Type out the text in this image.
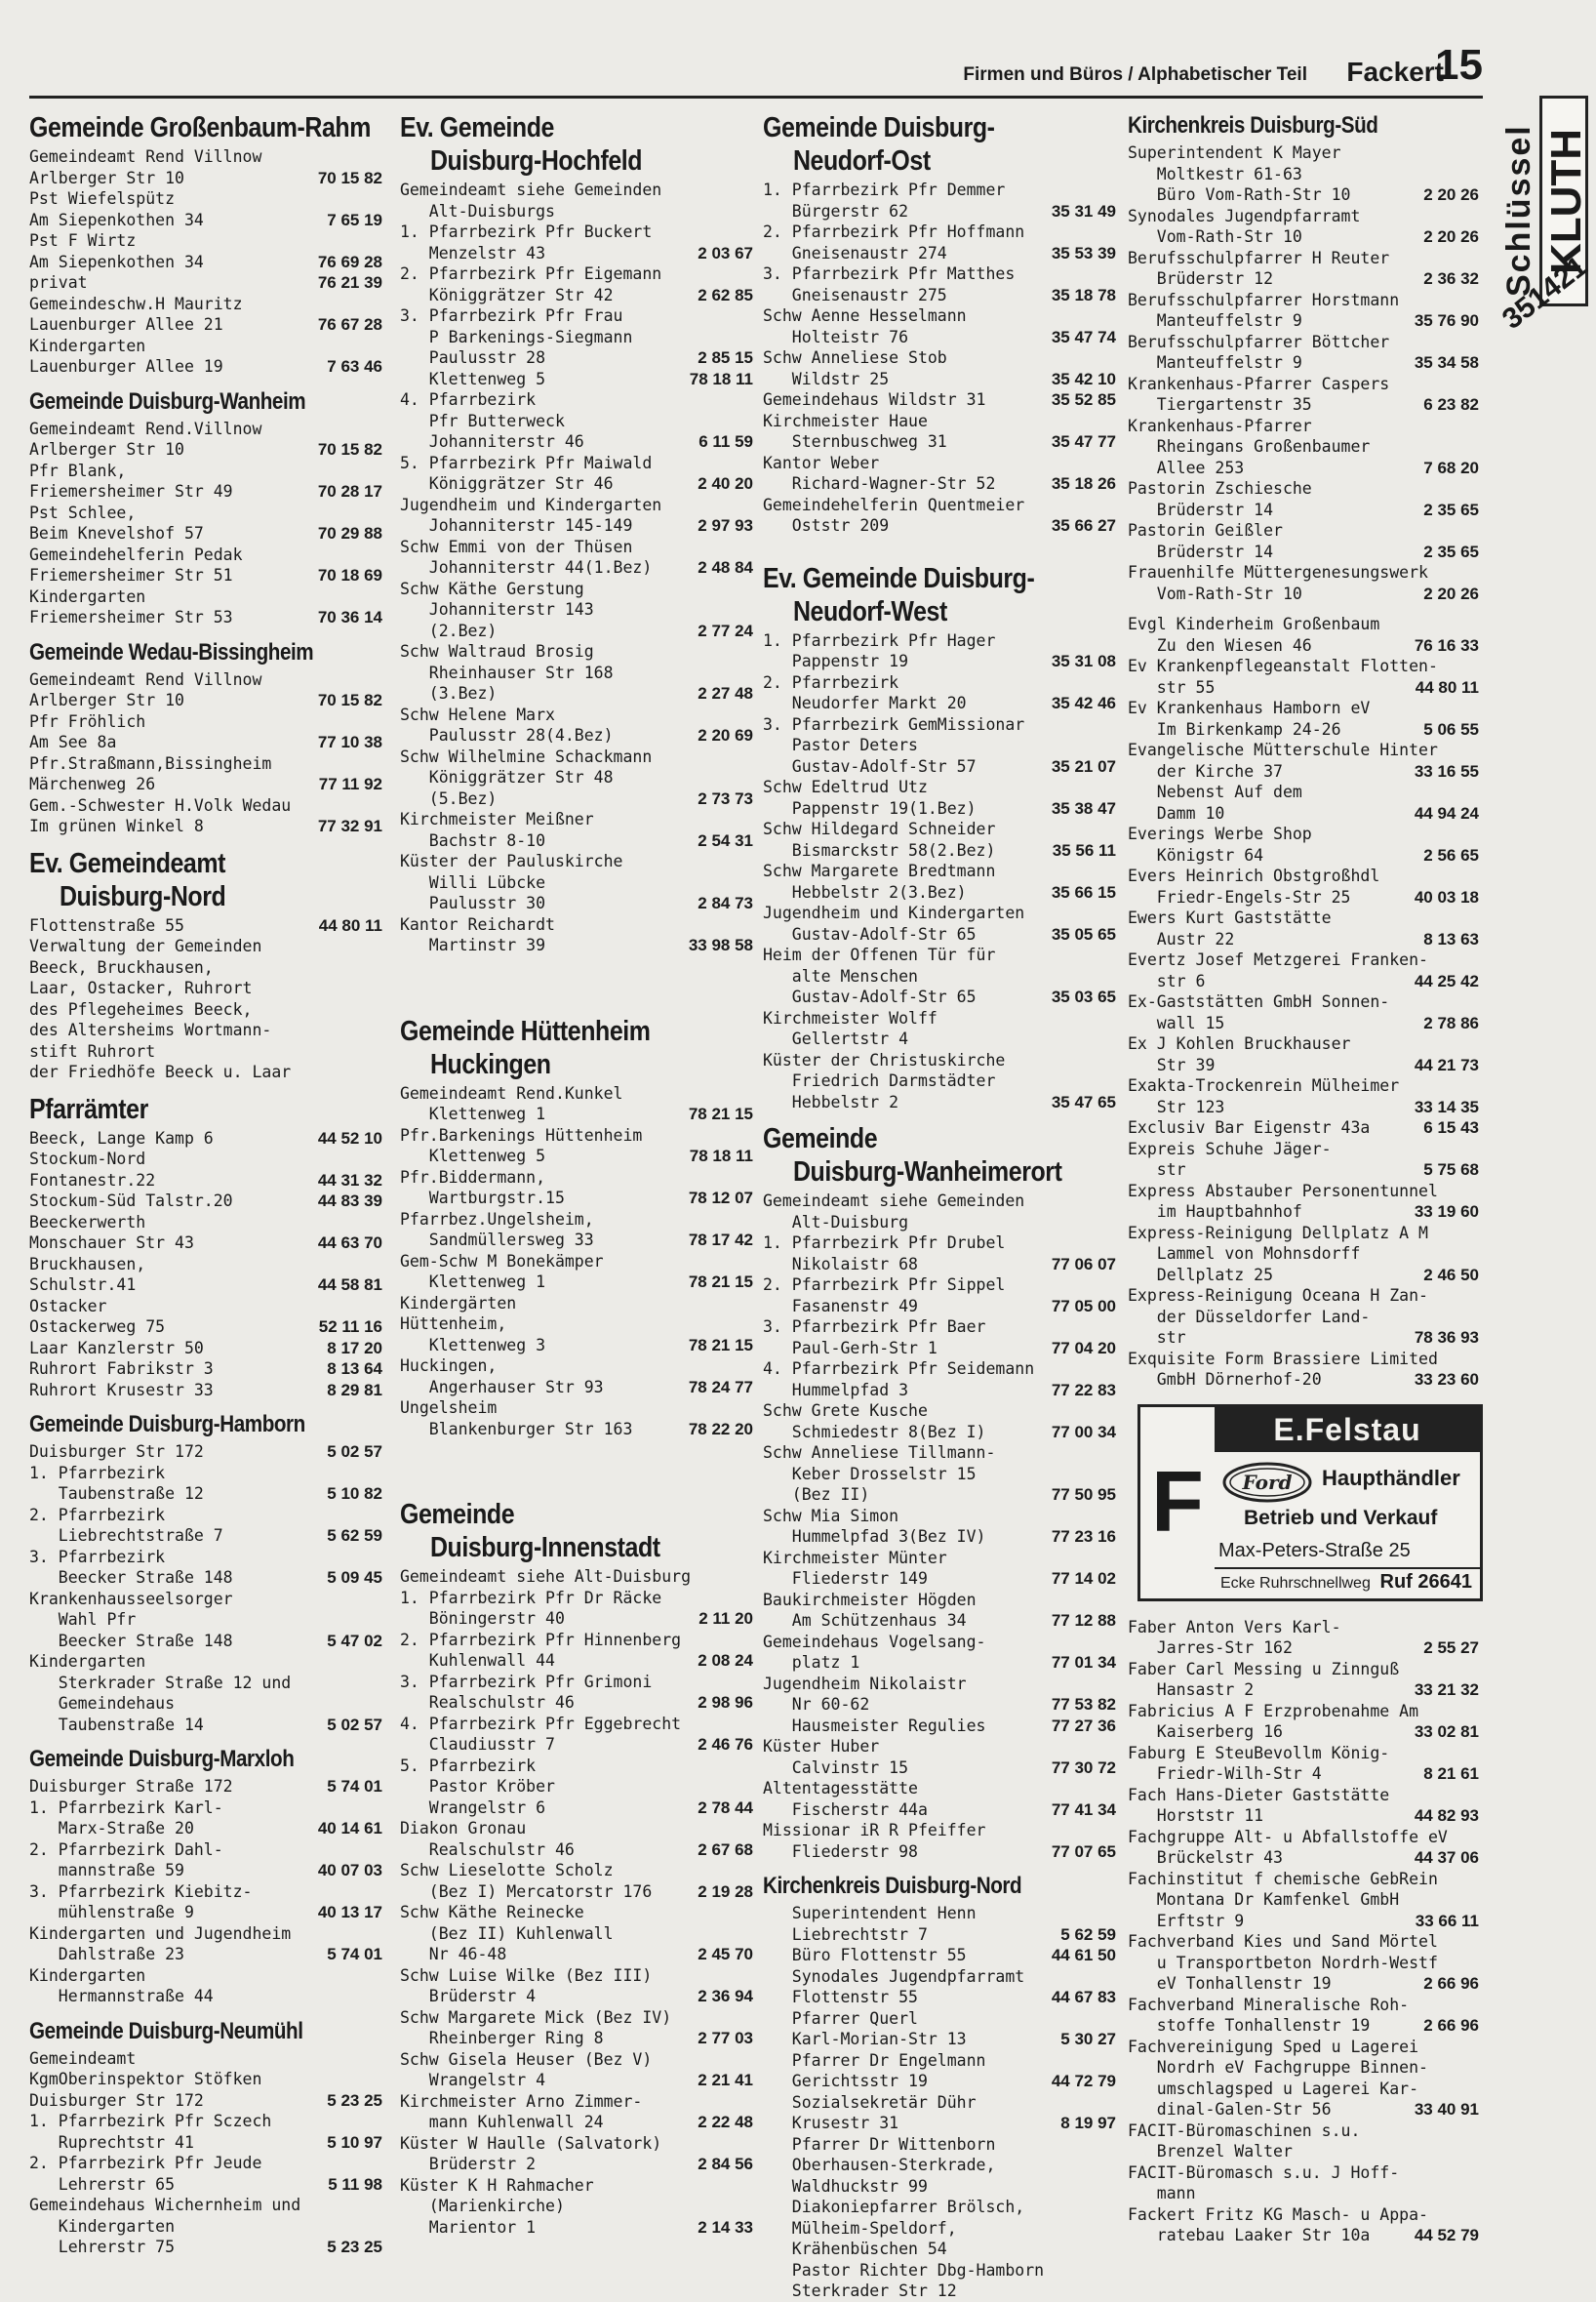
Firmen und Büros / Alphabetischer Teil Fackert
15
Gemeinde Großenbaum-Rahm
Gemeindeamt Rend Villnow
Arlberger Str 10	70 15 82
Pst Wiefelspütz
Am Siepenkothen 34	7 65 19
Pst F Wirtz
Am Siepenkothen 34	76 69 28
privat	76 21 39
Gemeindeschw.H Mauritz
Lauenburger Allee 21	76 67 28
Kindergarten
Lauenburger Allee 19	7 63 46
Gemeinde Duisburg-Wanheim
Gemeindeamt Rend.Villnow
Arlberger Str 10	70 15 82
Pfr Blank,
Friemersheimer Str 49	70 28 17
Pst Schlee,
Beim Knevelshof 57	70 29 88
Gemeindehelferin Pedak
Friemersheimer Str 51	70 18 69
Kindergarten
Friemersheimer Str 53	70 36 14
Gemeinde Wedau-Bissingheim
Gemeindeamt Rend Villnow
Arlberger Str 10	70 15 82
Pfr Fröhlich
Am See 8a	77 10 38
Pfr.Straßmann,Bissingheim
Märchenweg 26	77 11 92
Gem.-Schwester H.Volk Wedau
Im grünen Winkel 8	77 32 91
Ev. Gemeindeamt
Duisburg-Nord
Flottenstraße 55	44 80 11
Verwaltung der Gemeinden
Beeck, Bruckhausen,
Laar, Ostacker, Ruhrort
des Pflegeheimes Beeck,
des Altersheims Wortmann-
stift Ruhrort
der Friedhöfe Beeck u. Laar
Pfarrämter
Beeck, Lange Kamp 6	44 52 10
Stockum-Nord
Fontanestr.22	44 31 32
Stockum-Süd Talstr.20	44 83 39
Beeckerwerth
Monschauer Str 43	44 63 70
Bruckhausen,
Schulstr.41	44 58 81
Ostacker
Ostackerweg 75	52 11 16
Laar Kanzlerstr 50	8 17 20
Ruhrort Fabrikstr 3	8 13 64
Ruhrort Krusestr 33	8 29 81
Gemeinde Duisburg-Hamborn
Duisburger Str 172	5 02 57
1. Pfarrbezirk
Taubenstraße 12	5 10 82
2. Pfarrbezirk
Liebrechtstraße 7	5 62 59
3. Pfarrbezirk
Beecker Straße 148	5 09 45
Krankenhausseelsorger
Wahl Pfr
Beecker Straße 148	5 47 02
Kindergarten
Sterkrader Straße 12 und
Gemeindehaus
Taubenstraße 14	5 02 57
Gemeinde Duisburg-Marxloh
Duisburger Straße 172	5 74 01
1. Pfarrbezirk Karl-
Marx-Straße 20	40 14 61
2. Pfarrbezirk Dahl-
mannstraße 59	40 07 03
3. Pfarrbezirk Kiebitz-
mühlenstraße 9	40 13 17
Kindergarten und Jugendheim
Dahlstraße 23	5 74 01
Kindergarten
Hermannstraße 44
Gemeinde Duisburg-Neumühl
Gemeindeamt
KgmOberinspektor Stöfken
Duisburger Str 172	5 23 25
1. Pfarrbezirk Pfr Sczech
Ruprechtstr 41	5 10 97
2. Pfarrbezirk Pfr Jeude
Lehrerstr 65	5 11 98
Gemeindehaus Wichernheim und
Kindergarten
Lehrerstr 75	5 23 25
Ev. Gemeinde
Duisburg-Hochfeld
Gemeindeamt siehe Gemeinden
Alt-Duisburgs
1. Pfarrbezirk Pfr Buckert
Menzelstr 43	2 03 67
2. Pfarrbezirk Pfr Eigemann
Königgrätzer Str 42	2 62 85
3. Pfarrbezirk Pfr Frau
P Barkenings-Siegmann
Paulusstr 28	2 85 15
Klettenweg 5	78 18 11
4. Pfarrbezirk
Pfr Butterweck
Johanniterstr 46	6 11 59
5. Pfarrbezirk Pfr Maiwald
Königgrätzer Str 46	2 40 20
Jugendheim und Kindergarten
Johanniterstr 145-149	2 97 93
Schw Emmi von der Thüsen
Johanniterstr 44(1.Bez)	2 48 84
Schw Käthe Gerstung
Johanniterstr 143
(2.Bez)	2 77 24
Schw Waltraud Brosig
Rheinhauser Str 168
(3.Bez)	2 27 48
Schw Helene Marx
Paulusstr 28(4.Bez)	2 20 69
Schw Wilhelmine Schackmann
Königgrätzer Str 48
(5.Bez)	2 73 73
Kirchmeister Meißner
Bachstr 8-10	2 54 31
Küster der Pauluskirche
Willi Lübcke
Paulusstr 30	2 84 73
Kantor Reichardt
Martinstr 39	33 98 58
Gemeinde Hüttenheim
Huckingen
Gemeindeamt Rend.Kunkel
Klettenweg 1	78 21 15
Pfr.Barkenings Hüttenheim
Klettenweg 5	78 18 11
Pfr.Biddermann,
Wartburgstr.15	78 12 07
Pfarrbez.Ungelsheim,
Sandmüllersweg 33	78 17 42
Gem-Schw M Bonekämper
Klettenweg 1	78 21 15
Kindergärten
Hüttenheim,
Klettenweg 3	78 21 15
Huckingen,
Angerhauser Str 93	78 24 77
Ungelsheim
Blankenburger Str 163	78 22 20
Gemeinde
Duisburg-Innenstadt
Gemeindeamt siehe Alt-Duisburg
1. Pfarrbezirk Pfr Dr Räcke
Böningerstr 40	2 11 20
2. Pfarrbezirk Pfr Hinnenberg
Kuhlenwall 44	2 08 24
3. Pfarrbezirk Pfr Grimoni
Realschulstr 46	2 98 96
4. Pfarrbezirk Pfr Eggebrecht
Claudiusstr 7	2 46 76
5. Pfarrbezirk
Pastor Kröber
Wrangelstr 6	2 78 44
Diakon Gronau
Realschulstr 46	2 67 68
Schw Lieselotte Scholz
(Bez I) Mercatorstr 176	2 19 28
Schw Käthe Reinecke
(Bez II) Kuhlenwall
Nr 46-48	2 45 70
Schw Luise Wilke (Bez III)
Brüderstr 4	2 36 94
Schw Margarete Mick (Bez IV)
Rheinberger Ring 8	2 77 03
Schw Gisela Heuser (Bez V)
Wrangelstr 4	2 21 41
Kirchmeister Arno Zimmer-
mann Kuhlenwall 24	2 22 48
Küster W Haulle (Salvatork)
Brüderstr 2	2 84 56
Küster K H Rahmacher
(Marienkirche)
Marientor 1	2 14 33
Gemeinde Duisburg-
Neudorf-Ost
1. Pfarrbezirk Pfr Demmer
Bürgerstr 62	35 31 49
2. Pfarrbezirk Pfr Hoffmann
Gneisenaustr 274	35 53 39
3. Pfarrbezirk Pfr Matthes
Gneisenaustr 275	35 18 78
Schw Aenne Hesselmann
Holteistr 76	35 47 74
Schw Anneliese Stob
Wildstr 25	35 42 10
Gemeindehaus Wildstr 31	35 52 85
Kirchmeister Haue
Sternbuschweg 31	35 47 77
Kantor Weber
Richard-Wagner-Str 52	35 18 26
Gemeindehelferin Quentmeier
Oststr 209	35 66 27
Ev. Gemeinde Duisburg-
Neudorf-West
1. Pfarrbezirk Pfr Hager
Pappenstr 19	35 31 08
2. Pfarrbezirk
Neudorfer Markt 20	35 42 46
3. Pfarrbezirk GemMissionar
Pastor Deters
Gustav-Adolf-Str 57	35 21 07
Schw Edeltrud Utz
Pappenstr 19(1.Bez)	35 38 47
Schw Hildegard Schneider
Bismarckstr 58(2.Bez)	35 56 11
Schw Margarete Bredtmann
Hebbelstr 2(3.Bez)	35 66 15
Jugendheim und Kindergarten
Gustav-Adolf-Str 65	35 05 65
Heim der Offenen Tür für
alte Menschen
Gustav-Adolf-Str 65	35 03 65
Kirchmeister Wolff
Gellertstr 4
Küster der Christuskirche
Friedrich Darmstädter
Hebbelstr 2	35 47 65
Gemeinde
Duisburg-Wanheimerort
Gemeindeamt siehe Gemeinden
Alt-Duisburg
1. Pfarrbezirk Pfr Drubel
Nikolaistr 68	77 06 07
2. Pfarrbezirk Pfr Sippel
Fasanenstr 49	77 05 00
3. Pfarrbezirk Pfr Baer
Paul-Gerh-Str 1	77 04 20
4. Pfarrbezirk Pfr Seidemann
Hummelpfad 3	77 22 83
Schw Grete Kusche
Schmiedestr 8(Bez I)	77 00 34
Schw Anneliese Tillmann-
Keber Drosselstr 15
(Bez II)	77 50 95
Schw Mia Simon
Hummelpfad 3(Bez IV)	77 23 16
Kirchmeister Münter
Fliederstr 149	77 14 02
Baukirchmeister Högden
Am Schützenhaus 34	77 12 88
Gemeindehaus Vogelsang-
platz 1	77 01 34
Jugendheim Nikolaistr
Nr 60-62	77 53 82
Hausmeister Regulies	77 27 36
Küster Huber
Calvinstr 15	77 30 72
Altentagesstätte
Fischerstr 44a	77 41 34
Missionar iR R Pfeiffer
Fliederstr 98	77 07 65
Kirchenkreis Duisburg-Nord
Superintendent Henn
Liebrechtstr 7	5 62 59
Büro Flottenstr 55	44 61 50
Synodales Jugendpfarramt
Flottenstr 55	44 67 83
Pfarrer Querl
Karl-Morian-Str 13	5 30 27
Pfarrer Dr Engelmann
Gerichtsstr 19	44 72 79
Sozialsekretär Dühr
Krusestr 31	8 19 97
Pfarrer Dr Wittenborn
Oberhausen-Sterkrade,
Waldhuckstr 99
Diakoniepfarrer Brölsch,
Mülheim-Speldorf,
Krähenbüschen 54
Pastor Richter Dbg-Hamborn
Sterkrader Str 12
Kirchenkreis Duisburg-Süd
Superintendent K Mayer
Moltkestr 61-63
Büro Vom-Rath-Str 10	2 20 26
Synodales Jugendpfarramt
Vom-Rath-Str 10	2 20 26
Berufsschulpfarrer H Reuter
Brüderstr 12	2 36 32
Berufsschulpfarrer Horstmann
Manteuffelstr 9	35 76 90
Berufsschulpfarrer Böttcher
Manteuffelstr 9	35 34 58
Krankenhaus-Pfarrer Caspers
Tiergartenstr 35	6 23 82
Krankenhaus-Pfarrer
Rheingans Großenbaumer
Allee 253	7 68 20
Pastorin Zschiesche
Brüderstr 14	2 35 65
Pastorin Geißler
Brüderstr 14	2 35 65
Frauenhilfe Müttergenesungswerk
Vom-Rath-Str 10	2 20 26
Evgl Kinderheim Großenbaum
Zu den Wiesen 46	76 16 33
Ev Krankenpflegeanstalt Flotten-
str 55	44 80 11
Ev Krankenhaus Hamborn eV
Im Birkenkamp 24-26	5 06 55
Evangelische Mütterschule Hinter
der Kirche 37	33 16 55
Nebenst Auf dem
Damm 10	44 94 24
Everings Werbe Shop
Königstr 64	2 56 65
Evers Heinrich Obstgroßhdl
Friedr-Engels-Str 25	40 03 18
Ewers Kurt Gaststätte
Austr 22	8 13 63
Evertz Josef Metzgerei Franken-
str 6	44 25 42
Ex-Gaststätten GmbH Sonnen-
wall 15	2 78 86
Ex J Kohlen Bruckhauser
Str 39	44 21 73
Exakta-Trockenrein Mülheimer
Str 123	33 14 35
Exclusiv Bar Eigenstr 43a	6 15 43
Expreis Schuhe Jäger-
str	5 75 68
Express Abstauber Personentunnel
im Hauptbahnhof	33 19 60
Express-Reinigung Dellplatz A M
Lammel von Mohnsdorff
Dellplatz 25	2 46 50
Express-Reinigung Oceana H Zan-
der Düsseldorfer Land-
str	78 36 93
Exquisite Form Brassiere Limited
GmbH Dörnerhof-20	33 23 60
F
E.Felstau
Ford Haupthändler
Betrieb und Verkauf
Max-Peters-Straße 25
Ecke Ruhrschnellweg Ruf 26641
Faber Anton Vers Karl-
Jarres-Str 162	2 55 27
Faber Carl Messing u Zinnguß
Hansastr 2	33 21 32
Fabricius A F Erzprobenahme Am
Kaiserberg 16	33 02 81
Faburg E SteuBevollm König-
Friedr-Wilh-Str 4	8 21 61
Fach Hans-Dieter Gaststätte
Horststr 11	44 82 93
Fachgruppe Alt- u Abfallstoffe eV
Brückelstr 43	44 37 06
Fachinstitut f chemische GebRein
Montana Dr Kamfenkel GmbH
Erftstr 9	33 66 11
Fachverband Kies und Sand Mörtel
u Transportbeton Nordrh-Westf
eV Tonhallenstr 19	2 66 96
Fachverband Mineralische Roh-
stoffe Tonhallenstr 19	2 66 96
Fachvereinigung Sped u Lagerei
Nordrh eV Fachgruppe Binnen-
umschlagsped u Lagerei Kar-
dinal-Galen-Str 56	33 40 91
FACIT-Büromaschinen s.u.
Brenzel Walter
FACIT-Büromasch s.u. J Hoff-
mann
Fackert Fritz KG Masch- u Appa-
ratebau Laaker Str 10a	44 52 79
Schlüssel KLUTH
351421
